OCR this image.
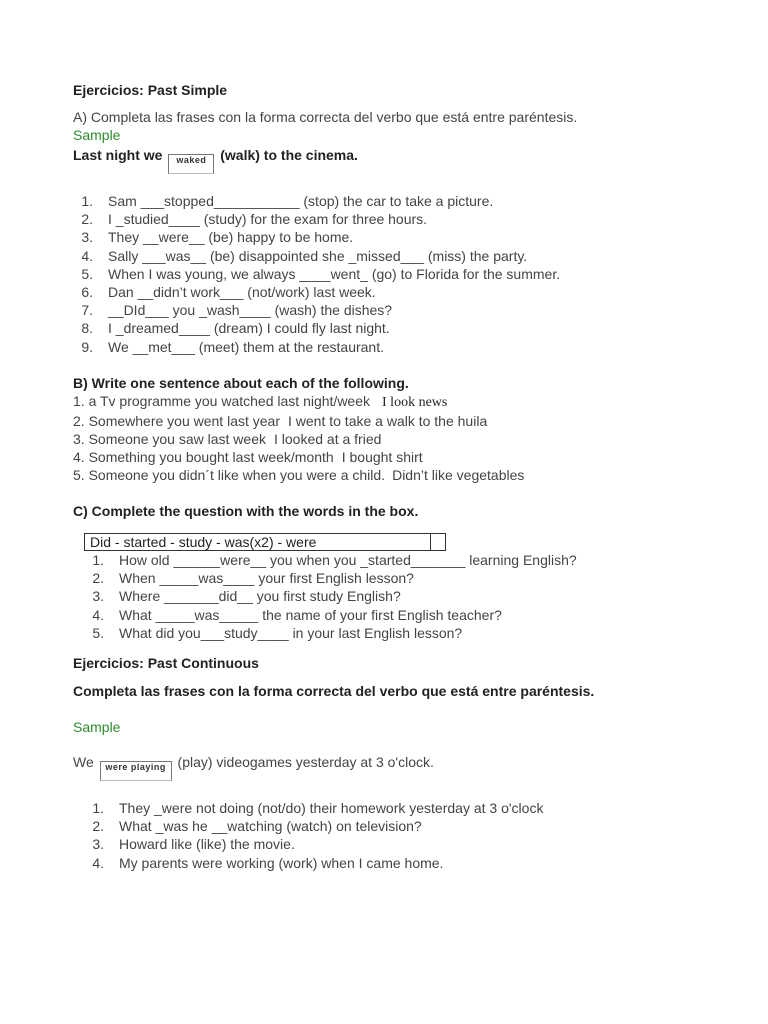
Ejercicios: Past Simple

A) Completa las frases con la forma correcta del verbo que está entre paréntesis.

Sample

Last night we waked (walk) to the cinema.

1. Sam ___stopped___________ (stop) the car to take a picture.
2. I _studied____ (study) for the exam for three hours.
3. They __were__ (be) happy to be home.
4. Sally ___was__ (be) disappointed she _missed___ (miss) the party.
5. When I was young, we always ____went_ (go) to Florida for the summer.
6. Dan __didn’t work___ (not/work) last week.
7. __DId___ you _wash____ (wash) the dishes?
8. I _dreamed____ (dream) I could fly last night.
9. We __met___ (meet) them at the restaurant.

B) Write one sentence about each of the following.

1. a Tv programme you watched last night/week I look news

2. Somewhere you went last year I went to take a walk to the huila

3. Someone you saw last week I looked at a fried

4. Something you bought last week/month I bought shirt

5. Someone you didn´t like when you were a child. Didn’t like vegetables

C) Complete the question with the words in the box.

1. How old ______were__ you when you _started_______ learning English?
2. When _____was____ your first English lesson?
3. Where _______did__ you first study English?
4. What _____was_____ the name of your first English teacher?
5. What did you___study____ in your last English lesson?

Ejercicios: Past Continuous

Completa las frases con la forma correcta del verbo que está entre paréntesis.

Sample

We were playing (play) videogames yesterday at 3 o'clock.

1. They _were not doing (not/do) their homework yesterday at 3 o'clock
2. What _was he __watching (watch) on television?
3. Howard like (like) the movie.
4. My parents were working (work) when I came home.
Did - started - study - was(x2) - were
